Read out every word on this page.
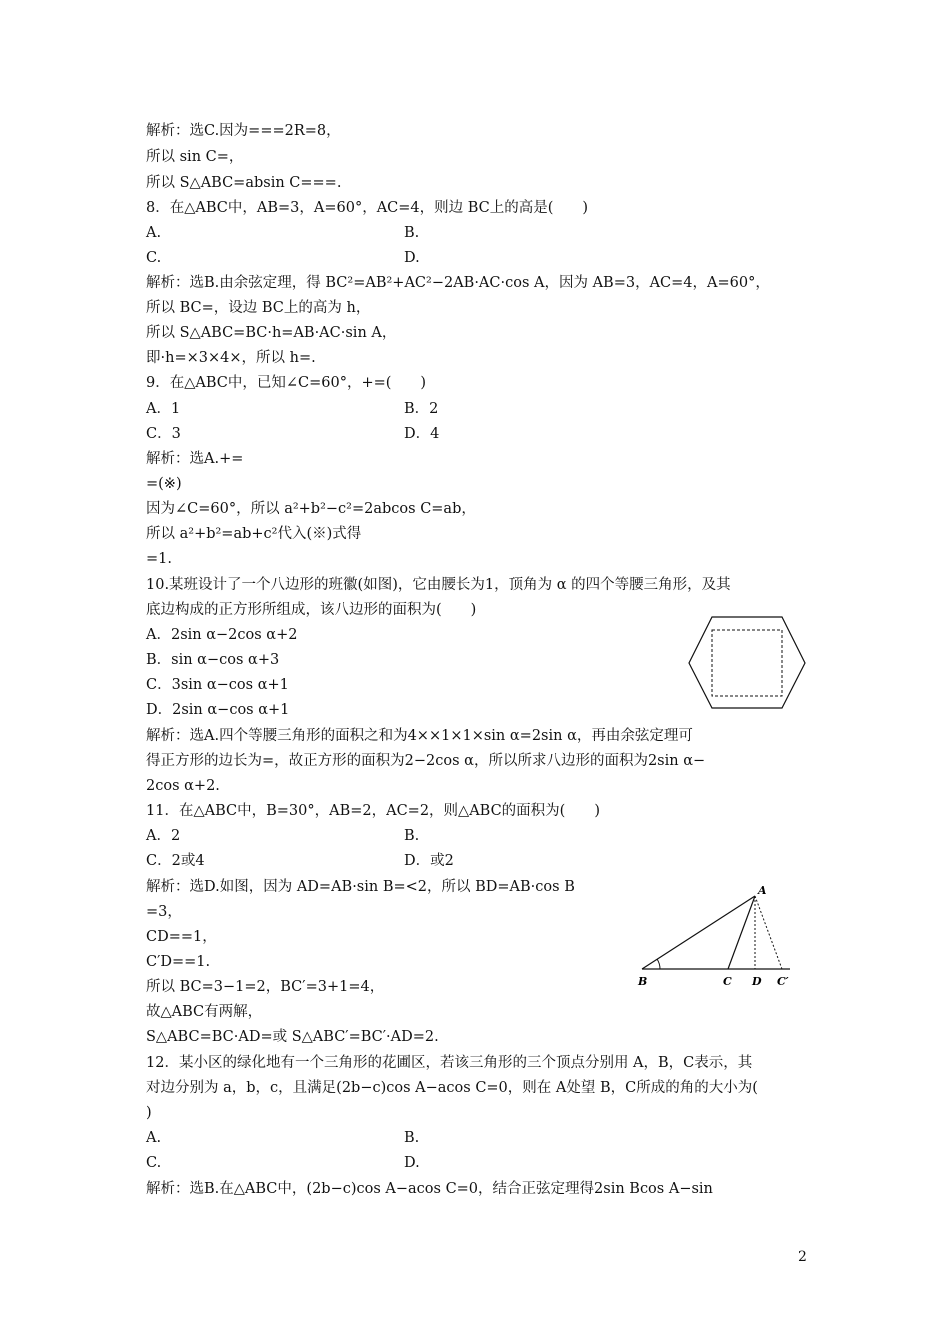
解析：选C.因为===2R=8，
所以 sin C=，
所以 S△ABC=absin C===.
8．在△ABC中，AB=3，A=60°，AC=4，则边 BC上的高是(　　)
A.	B.
C.	D.
解析：选B.由余弦定理，得 BC²=AB²+AC²−2AB·AC·cos A，因为 AB=3，AC=4，A=60°，
所以 BC=，设边 BC上的高为 h，
所以 S△ABC=BC·h=AB·AC·sin A，
即·h=×3×4×，所以 h=.
9．在△ABC中，已知∠C=60°，+=(　　)
A．1	B．2
C．3	D．4
解析：选A.+=
=(※)
因为∠C=60°，所以 a²+b²−c²=2abcos C=ab，
所以 a²+b²=ab+c²代入(※)式得
=1.
10.某班设计了一个八边形的班徽(如图)，它由腰长为1，顶角为 α 的四个等腰三角形，及其
底边构成的正方形所组成，该八边形的面积为(　　)
A．2sin α−2cos α+2
B．sin α−cos α+3
C．3sin α−cos α+1
D．2sin α−cos α+1
解析：选A.四个等腰三角形的面积之和为4××1×1×sin α=2sin α，再由余弦定理可
得正方形的边长为=，故正方形的面积为2−2cos α，所以所求八边形的面积为2sin α−
2cos α+2.
11．在△ABC中，B=30°，AB=2，AC=2，则△ABC的面积为(　　)
A．2	B.
C．2或4	D．或2
解析：选D.如图，因为 AD=AB·sin B=<2，所以 BD=AB·cos B
=3，
CD==1，
C′D==1.
所以 BC=3−1=2，BC′=3+1=4，
故△ABC有两解，
S△ABC=BC·AD=或 S△ABC′=BC′·AD=2.
A
B	C D C′
12．某小区的绿化地有一个三角形的花圃区，若该三角形的三个顶点分别用 A，B，C表示，其
对边分别为 a，b，c，且满足(2b−c)cos A−acos C=0，则在 A处望 B，C所成的角的大小为(
)
A.	B.
C.	D.
解析：选B.在△ABC中，(2b−c)cos A−acos C=0，结合正弦定理得2sin Bcos A−sin
2
